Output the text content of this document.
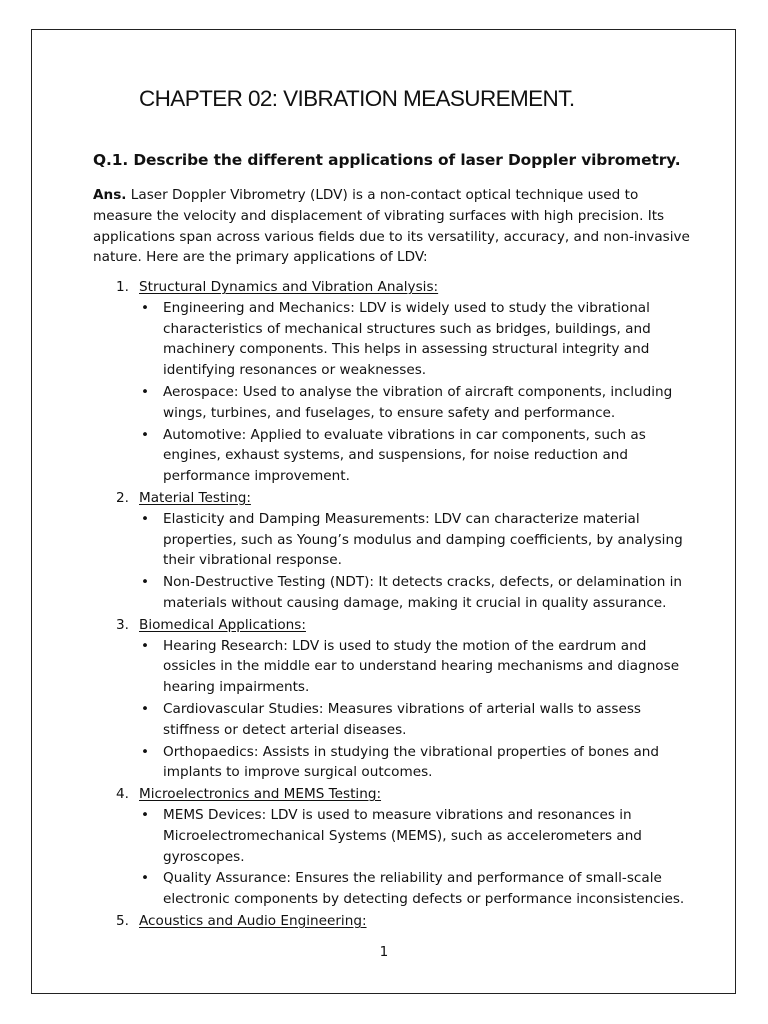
CHAPTER 02: VIBRATION MEASUREMENT.
Q.1. Describe the different applications of laser Doppler vibrometry.

Ans. Laser Doppler Vibrometry (LDV) is a non-contact optical technique used to measure the velocity and displacement of vibrating surfaces with high precision. Its applications span across various fields due to its versatility, accuracy, and non-invasive nature. Here are the primary applications of LDV:

1. Structural Dynamics and Vibration Analysis:
• Engineering and Mechanics: LDV is widely used to study the vibrational characteristics of mechanical structures such as bridges, buildings, and machinery components. This helps in assessing structural integrity and identifying resonances or weaknesses.
• Aerospace: Used to analyse the vibration of aircraft components, including wings, turbines, and fuselages, to ensure safety and performance.
• Automotive: Applied to evaluate vibrations in car components, such as engines, exhaust systems, and suspensions, for noise reduction and performance improvement.
2. Material Testing:
• Elasticity and Damping Measurements: LDV can characterize material properties, such as Young’s modulus and damping coefficients, by analysing their vibrational response.
• Non-Destructive Testing (NDT): It detects cracks, defects, or delamination in materials without causing damage, making it crucial in quality assurance.
3. Biomedical Applications:
• Hearing Research: LDV is used to study the motion of the eardrum and ossicles in the middle ear to understand hearing mechanisms and diagnose hearing impairments.
• Cardiovascular Studies: Measures vibrations of arterial walls to assess stiffness or detect arterial diseases.
• Orthopaedics: Assists in studying the vibrational properties of bones and implants to improve surgical outcomes.
4. Microelectronics and MEMS Testing:
• MEMS Devices: LDV is used to measure vibrations and resonances in Microelectromechanical Systems (MEMS), such as accelerometers and gyroscopes.
• Quality Assurance: Ensures the reliability and performance of small-scale electronic components by detecting defects or performance inconsistencies.
5. Acoustics and Audio Engineering:
1
